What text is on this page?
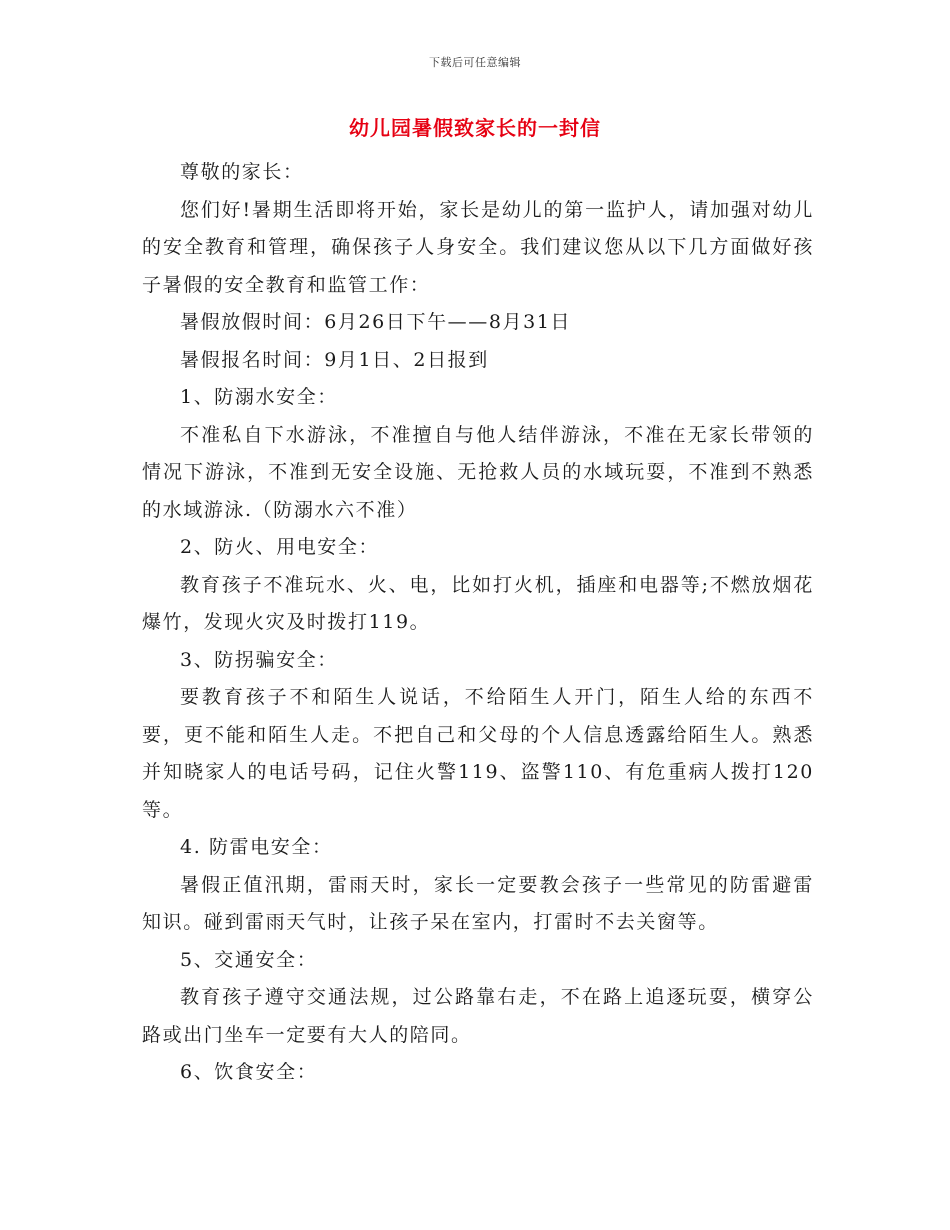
下载后可任意编辑
幼儿园暑假致家长的一封信

尊敬的家长：

您们好!暑期生活即将开始，家长是幼儿的第一监护人，请加强对幼儿的安全教育和管理，确保孩子人身安全。我们建议您从以下几方面做好孩子暑假的安全教育和监管工作：

暑假放假时间：6月26日下午——8月31日

暑假报名时间：9月1日、2日报到

1、防溺水安全：

不准私自下水游泳，不准擅自与他人结伴游泳，不准在无家长带领的情况下游泳，不准到无安全设施、无抢救人员的水域玩耍，不准到不熟悉的水域游泳.（防溺水六不准）

2、防火、用电安全：

教育孩子不准玩水、火、电，比如打火机，插座和电器等;不燃放烟花爆竹，发现火灾及时拨打119。

3、防拐骗安全：

要教育孩子不和陌生人说话，不给陌生人开门，陌生人给的东西不要，更不能和陌生人走。不把自己和父母的个人信息透露给陌生人。熟悉并知晓家人的电话号码，记住火警119、盗警110、有危重病人拨打120等。

4. 防雷电安全：

暑假正值汛期，雷雨天时，家长一定要教会孩子一些常见的防雷避雷知识。碰到雷雨天气时，让孩子呆在室内，打雷时不去关窗等。

5、交通安全：

教育孩子遵守交通法规，过公路靠右走，不在路上追逐玩耍，横穿公路或出门坐车一定要有大人的陪同。

6、饮食安全：
